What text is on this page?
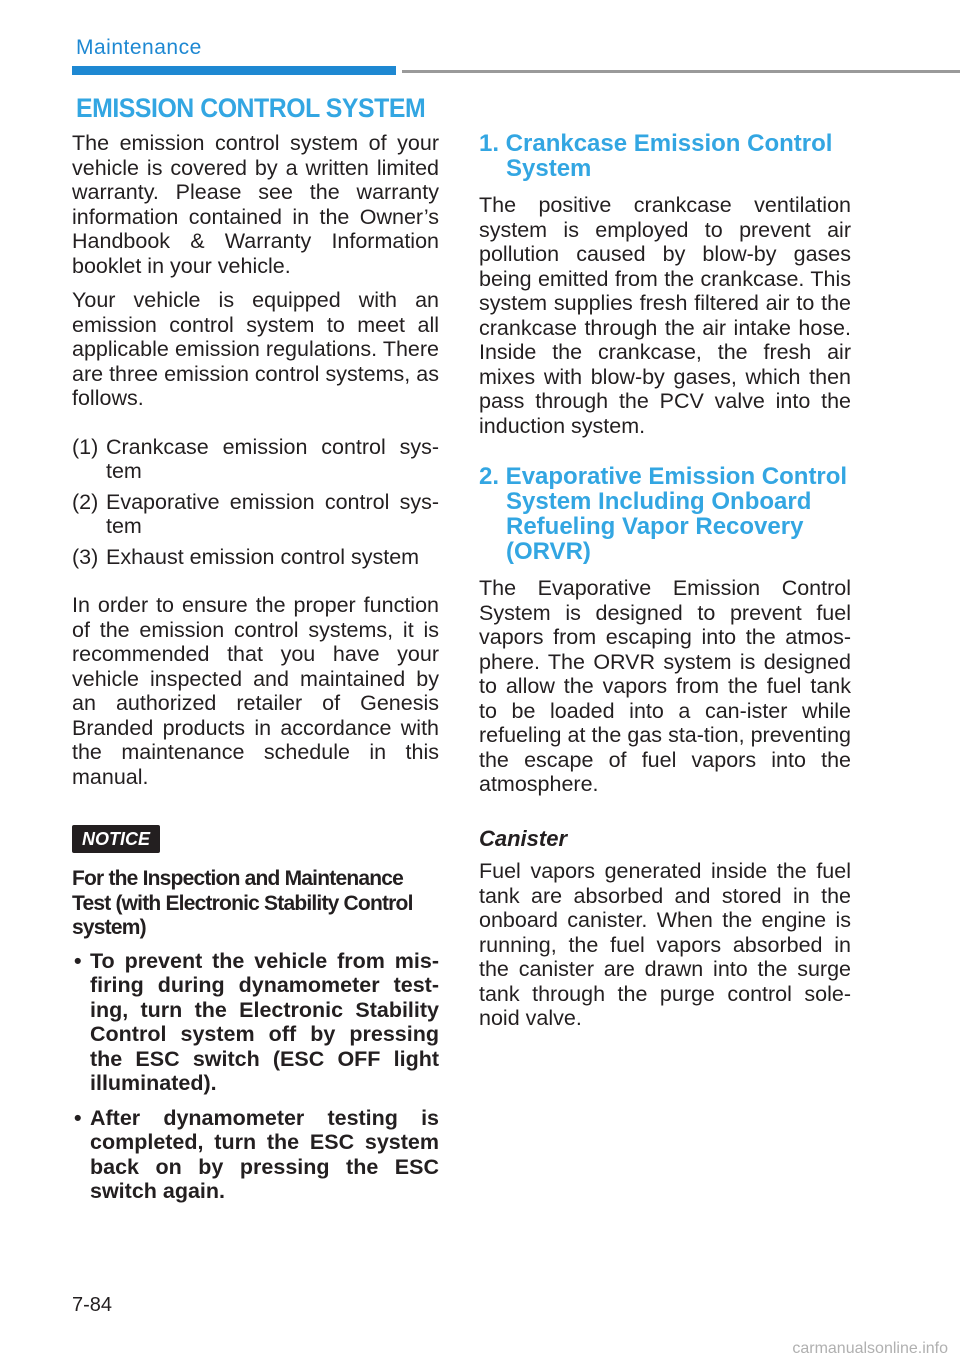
Maintenance
EMISSION CONTROL SYSTEM

The emission control system of your vehicle is covered by a written limited warranty. Please see the warranty information contained in the Owner’s Handbook & Warranty Information booklet in your vehicle.

Your vehicle is equipped with an emission control system to meet all applicable emission regulations. There are three emission control systems, as follows.

(1) Crankcase emission control sys-tem
(2) Evaporative emission control sys-tem
(3) Exhaust emission control system

In order to ensure the proper function of the emission control systems, it is recommended that you have your vehicle inspected and maintained by an authorized retailer of Genesis Branded products in accordance with the maintenance schedule in this manual.

NOTICE
For the Inspection and Maintenance Test (with Electronic Stability Control system)
• To prevent the vehicle from mis-firing during dynamometer test-ing, turn the Electronic Stability Control system off by pressing the ESC switch (ESC OFF light illuminated).
• After dynamometer testing is completed, turn the ESC system back on by pressing the ESC switch again.
1. Crankcase Emission Control System

The positive crankcase ventilation system is employed to prevent air pollution caused by blow-by gases being emitted from the crankcase. This system supplies fresh filtered air to the crankcase through the air intake hose. Inside the crankcase, the fresh air mixes with blow-by gases, which then pass through the PCV valve into the induction system.

2. Evaporative Emission Control System Including Onboard Refueling Vapor Recovery (ORVR)

The Evaporative Emission Control System is designed to prevent fuel vapors from escaping into the atmos-phere. The ORVR system is designed to allow the vapors from the fuel tank to be loaded into a can-ister while refueling at the gas sta-tion, preventing the escape of fuel vapors into the atmosphere.

Canister

Fuel vapors generated inside the fuel tank are absorbed and stored in the onboard canister. When the engine is running, the fuel vapors absorbed in the canister are drawn into the surge tank through the purge control sole-noid valve.

7-84
carmanualsonline.info
